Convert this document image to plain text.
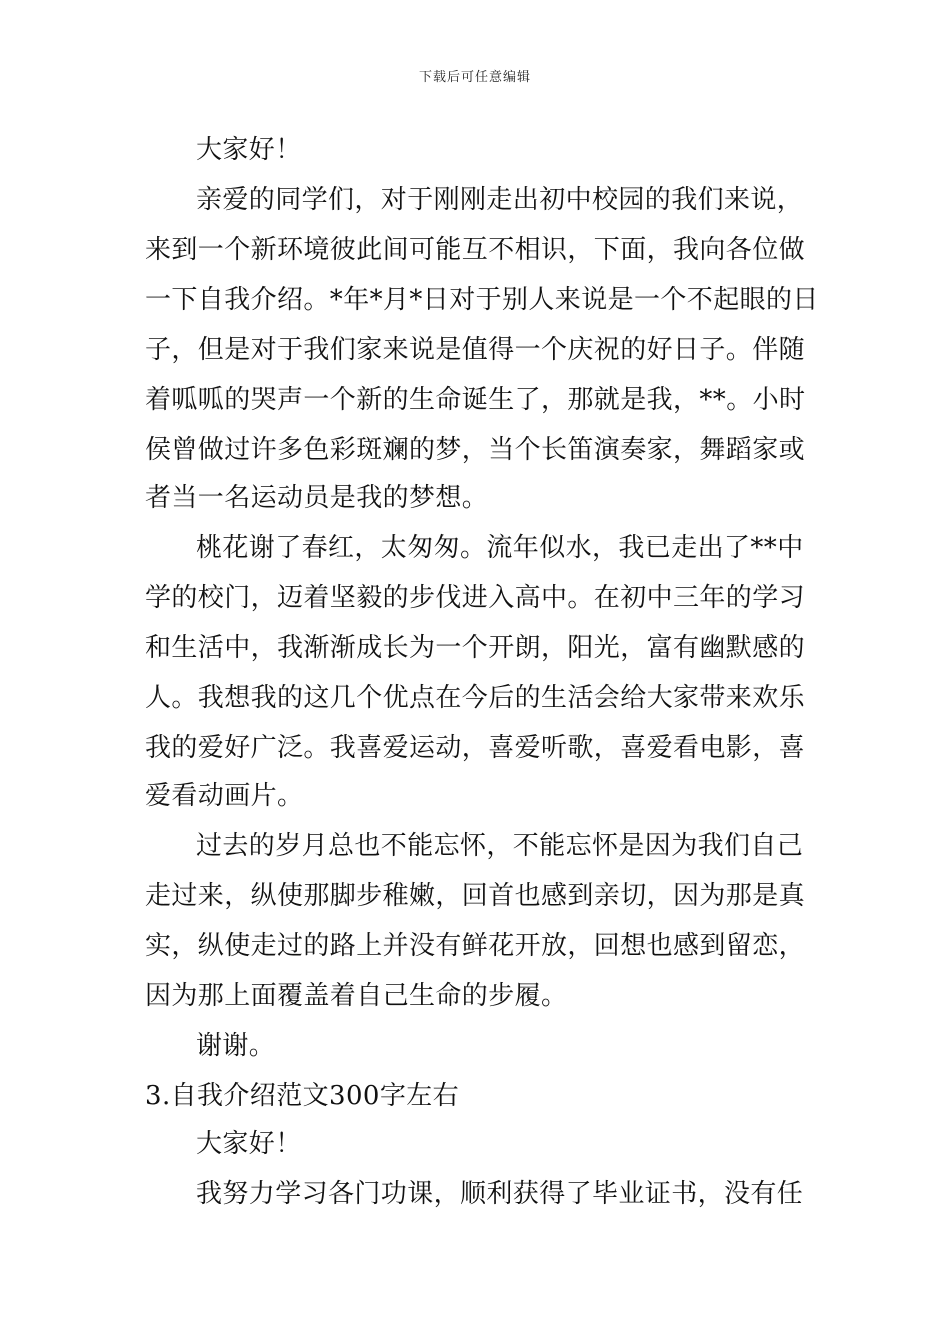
下载后可任意编辑
大家好！
亲爱的同学们，对于刚刚走出初中校园的我们来说，
来到一个新环境彼此间可能互不相识，下面，我向各位做
一下自我介绍。*年*月*日对于别人来说是一个不起眼的日
子，但是对于我们家来说是值得一个庆祝的好日子。伴随
着呱呱的哭声一个新的生命诞生了，那就是我，**。小时
侯曾做过许多色彩斑斓的梦，当个长笛演奏家，舞蹈家或
者当一名运动员是我的梦想。
桃花谢了春红，太匆匆。流年似水，我已走出了**中
学的校门，迈着坚毅的步伐进入高中。在初中三年的学习
和生活中，我渐渐成长为一个开朗，阳光，富有幽默感的
人。我想我的这几个优点在今后的生活会给大家带来欢乐
我的爱好广泛。我喜爱运动，喜爱听歌，喜爱看电影，喜
爱看动画片。
过去的岁月总也不能忘怀，不能忘怀是因为我们自己
走过来，纵使那脚步稚嫩，回首也感到亲切，因为那是真
实，纵使走过的路上并没有鲜花开放，回想也感到留恋，
因为那上面覆盖着自己生命的步履。
谢谢。
3.自我介绍范文300字左右
大家好！
我努力学习各门功课，顺利获得了毕业证书，没有任
